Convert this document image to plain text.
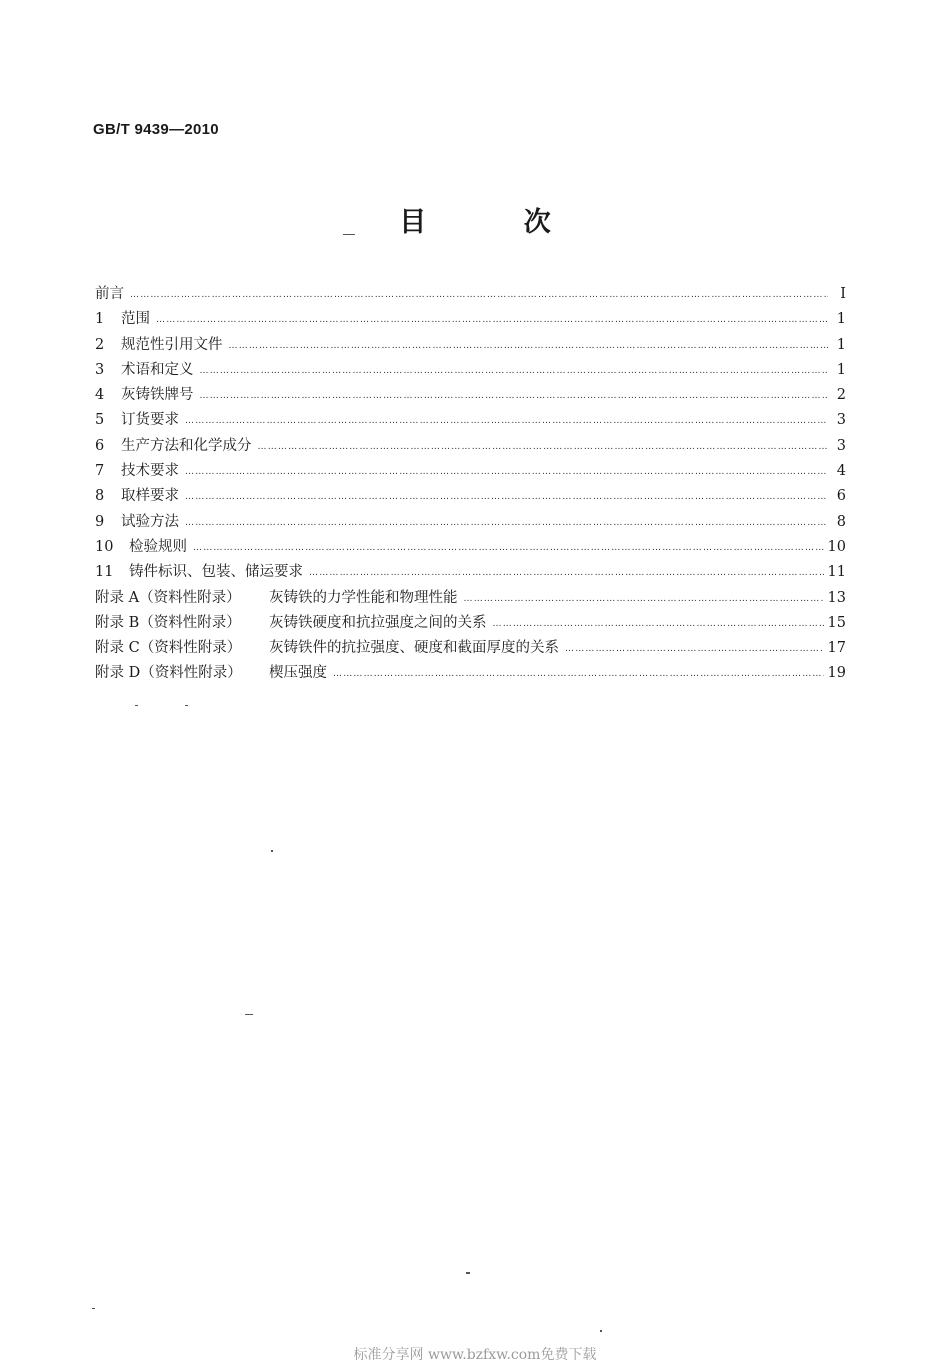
GB/T 9439—2010
目 次
前言 …………………………………………………………………………………………………………………………………………………………………………………………………………………………………	I
1	范围 …………………………………………………………………………………………………………………………………………………………………………………………………………………………………	1
2	规范性引用文件 …………………………………………………………………………………………………………………………………………………………………………………………………………………………………	1
3	术语和定义 …………………………………………………………………………………………………………………………………………………………………………………………………………………………………	1
4	灰铸铁牌号 …………………………………………………………………………………………………………………………………………………………………………………………………………………………………	2
5	订货要求 …………………………………………………………………………………………………………………………………………………………………………………………………………………………………	3
6	生产方法和化学成分 …………………………………………………………………………………………………………………………………………………………………………………………………………………………………	3
7	技术要求 …………………………………………………………………………………………………………………………………………………………………………………………………………………………………	4
8	取样要求 …………………………………………………………………………………………………………………………………………………………………………………………………………………………………	6
9	试验方法 …………………………………………………………………………………………………………………………………………………………………………………………………………………………………	8
10	检验规则 …………………………………………………………………………………………………………………………………………………………………………………………………………………………………	10
11	铸件标识、包装、储运要求 …………………………………………………………………………………………………………………………………………………………………………………………………………………………………	11
附录 A（资料性附录）	灰铸铁的力学性能和物理性能 …………………………………………………………………………………………………………………………………………………………………………………………………………………………………	13
附录 B（资料性附录）	灰铸铁硬度和抗拉强度之间的关系 …………………………………………………………………………………………………………………………………………………………………………………………………………………………………	15
附录 C（资料性附录）	灰铸铁件的抗拉强度、硬度和截面厚度的关系 …………………………………………………………………………………………………………………………………………………………………………………………………………………………………	17
附录 D（资料性附录）	楔压强度 …………………………………………………………………………………………………………………………………………………………………………………………………………………………………	19
标准分享网 www.bzfxw.com免费下载
